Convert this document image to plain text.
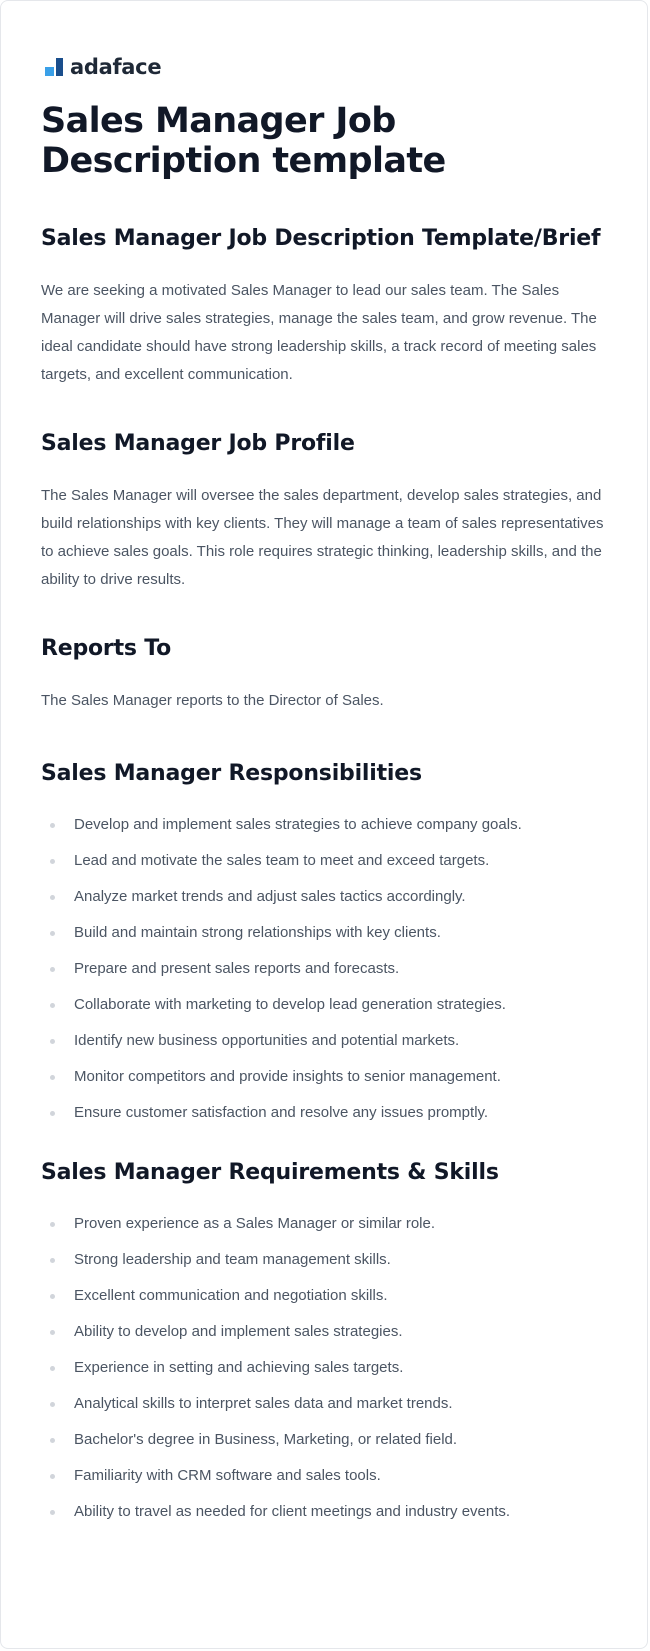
adaface
Sales Manager Job Description template
Sales Manager Job Description Template/Brief

We are seeking a motivated Sales Manager to lead our sales team. The Sales Manager will drive sales strategies, manage the sales team, and grow revenue. The ideal candidate should have strong leadership skills, a track record of meeting sales targets, and excellent communication.

Sales Manager Job Profile

The Sales Manager will oversee the sales department, develop sales strategies, and build relationships with key clients. They will manage a team of sales representatives to achieve sales goals. This role requires strategic thinking, leadership skills, and the ability to drive results.

Reports To

The Sales Manager reports to the Director of Sales.

Sales Manager Responsibilities
Develop and implement sales strategies to achieve company goals.
Lead and motivate the sales team to meet and exceed targets.
Analyze market trends and adjust sales tactics accordingly.
Build and maintain strong relationships with key clients.
Prepare and present sales reports and forecasts.
Collaborate with marketing to develop lead generation strategies.
Identify new business opportunities and potential markets.
Monitor competitors and provide insights to senior management.
Ensure customer satisfaction and resolve any issues promptly.
Sales Manager Requirements & Skills
Proven experience as a Sales Manager or similar role.
Strong leadership and team management skills.
Excellent communication and negotiation skills.
Ability to develop and implement sales strategies.
Experience in setting and achieving sales targets.
Analytical skills to interpret sales data and market trends.
Bachelor's degree in Business, Marketing, or related field.
Familiarity with CRM software and sales tools.
Ability to travel as needed for client meetings and industry events.
